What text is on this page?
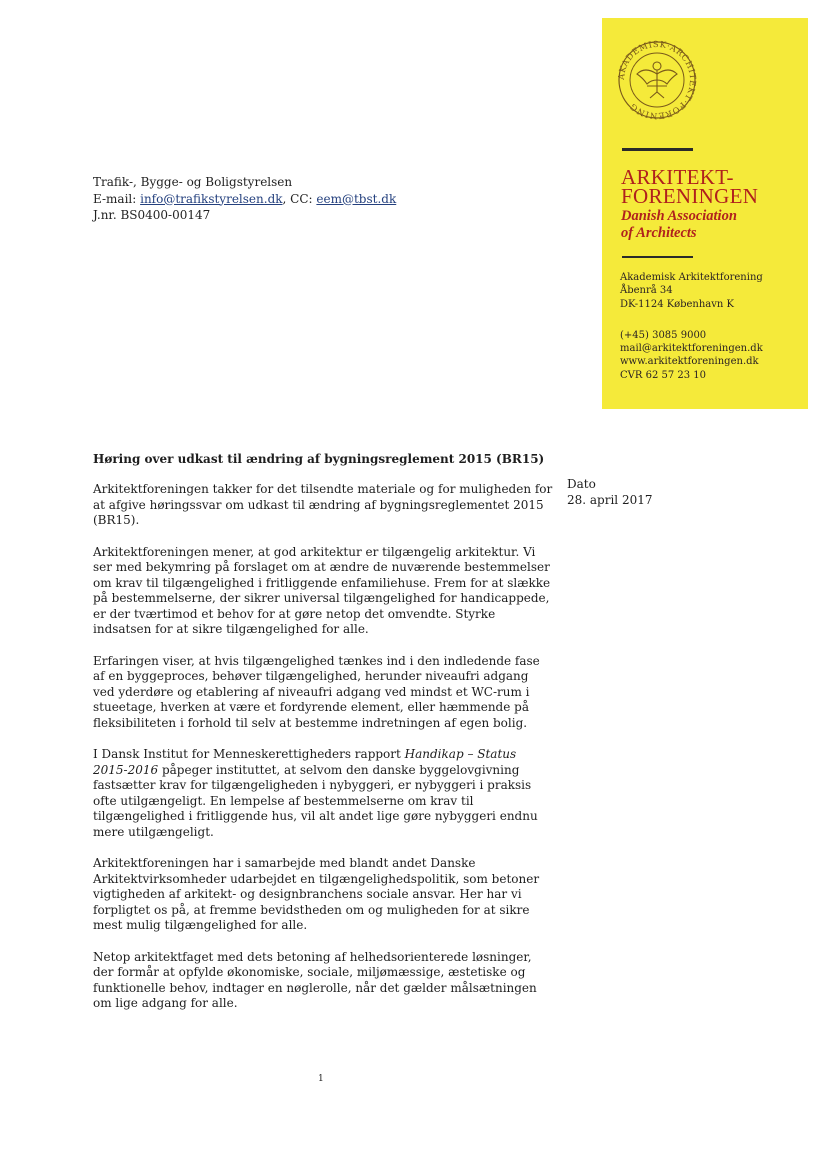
AKADEMISK·ARCHITEKT·FORENING
ARKITEKT-
FORENINGEN
Danish Association
of Architects
Akademisk Arkitektforening
Åbenrå 34
DK-1124 København K
(+45) 3085 9000
mail@arkitektforeningen.dk
www.arkitektforeningen.dk
CVR 62 57 23 10
Trafik-, Bygge- og Boligstyrelsen
E-mail: info@trafikstyrelsen.dk, CC: eem@tbst.dk
J.nr. BS0400-00147
Høring over udkast til ændring af bygningsreglement 2015 (BR15)
Dato
28. april 2017

Arkitektforeningen takker for det tilsendte materiale og for muligheden for at afgive høringssvar om udkast til ændring af bygningsreglementet 2015 (BR15).

Arkitektforeningen mener, at god arkitektur er tilgængelig arkitektur. Vi ser med bekymring på forslaget om at ændre de nuværende bestemmelser om krav til tilgængelighed i fritliggende enfamiliehuse. Frem for at slække på bestemmelserne, der sikrer universal tilgængelighed for handicappede, er der tværtimod et behov for at gøre netop det omvendte. Styrke indsatsen for at sikre tilgængelighed for alle.

Erfaringen viser, at hvis tilgængelighed tænkes ind i den indledende fase af en byggeproces, behøver tilgængelighed, herunder niveaufri adgang ved yderdøre og etablering af niveaufri adgang ved mindst et WC-rum i stueetage, hverken at være et fordyrende element, eller hæmmende på fleksibiliteten i forhold til selv at bestemme indretningen af egen bolig.

I Dansk Institut for Menneskerettigheders rapport Handikap – Status 2015-2016 påpeger instituttet, at selvom den danske byggelovgivning fastsætter krav for tilgængeligheden i nybyggeri, er nybyggeri i praksis ofte utilgængeligt. En lempelse af bestemmelserne om krav til tilgængelighed i fritliggende hus, vil alt andet lige gøre nybyggeri endnu mere utilgængeligt.

Arkitektforeningen har i samarbejde med blandt andet Danske Arkitektvirksomheder udarbejdet en tilgængelighedspolitik, som betoner vigtigheden af arkitekt- og designbranchens sociale ansvar. Her har vi forpligtet os på, at fremme bevidstheden om og muligheden for at sikre mest mulig tilgængelighed for alle.

Netop arkitektfaget med dets betoning af helhedsorienterede løsninger, der formår at opfylde økonomiske, sociale, miljømæssige, æstetiske og funktionelle behov, indtager en nøglerolle, når det gælder målsætningen om lige adgang for alle.

1
